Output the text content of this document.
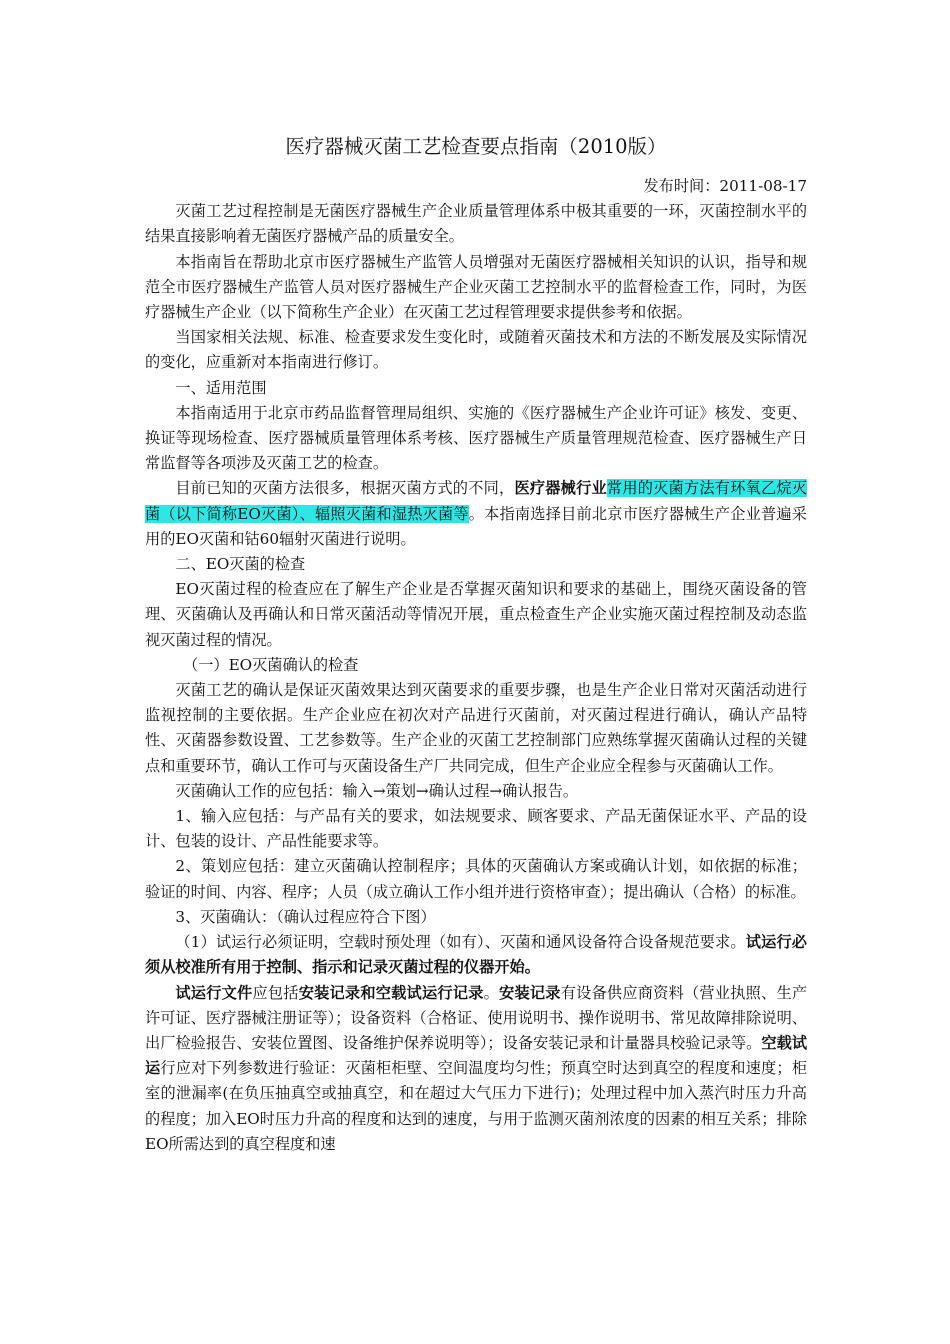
医疗器械灭菌工艺检查要点指南（2010版）
发布时间：2011-08-17

灭菌工艺过程控制是无菌医疗器械生产企业质量管理体系中极其重要的一环，灭菌控制水平的结果直接影响着无菌医疗器械产品的质量安全。

本指南旨在帮助北京市医疗器械生产监管人员增强对无菌医疗器械相关知识的认识，指导和规范全市医疗器械生产监管人员对医疗器械生产企业灭菌工艺控制水平的监督检查工作，同时，为医疗器械生产企业（以下简称生产企业）在灭菌工艺过程管理要求提供参考和依据。

当国家相关法规、标准、检查要求发生变化时，或随着灭菌技术和方法的不断发展及实际情况的变化，应重新对本指南进行修订。

一、适用范围

本指南适用于北京市药品监督管理局组织、实施的《医疗器械生产企业许可证》核发、变更、换证等现场检查、医疗器械质量管理体系考核、医疗器械生产质量管理规范检查、医疗器械生产日常监督等各项涉及灭菌工艺的检查。

目前已知的灭菌方法很多，根据灭菌方式的不同，医疗器械行业常用的灭菌方法有环氧乙烷灭菌（以下简称EO灭菌）、辐照灭菌和湿热灭菌等。本指南选择目前北京市医疗器械生产企业普遍采用的EO灭菌和钴60辐射灭菌进行说明。

二、EO灭菌的检查

EO灭菌过程的检查应在了解生产企业是否掌握灭菌知识和要求的基础上，围绕灭菌设备的管理、灭菌确认及再确认和日常灭菌活动等情况开展，重点检查生产企业实施灭菌过程控制及动态监视灭菌过程的情况。

（一）EO灭菌确认的检查

灭菌工艺的确认是保证灭菌效果达到灭菌要求的重要步骤，也是生产企业日常对灭菌活动进行监视控制的主要依据。生产企业应在初次对产品进行灭菌前，对灭菌过程进行确认，确认产品特性、灭菌器参数设置、工艺参数等。生产企业的灭菌工艺控制部门应熟练掌握灭菌确认过程的关键点和重要环节，确认工作可与灭菌设备生产厂共同完成，但生产企业应全程参与灭菌确认工作。

灭菌确认工作的应包括：输入→策划→确认过程→确认报告。

1、输入应包括：与产品有关的要求，如法规要求、顾客要求、产品无菌保证水平、产品的设计、包装的设计、产品性能要求等。

2、策划应包括：建立灭菌确认控制程序；具体的灭菌确认方案或确认计划，如依据的标准；验证的时间、内容、程序；人员（成立确认工作小组并进行资格审查）；提出确认（合格）的标准。

3、灭菌确认：（确认过程应符合下图）

（1）试运行必须证明，空载时预处理（如有）、灭菌和通风设备符合设备规范要求。试运行必须从校准所有用于控制、指示和记录灭菌过程的仪器开始。

试运行文件应包括安装记录和空载试运行记录。安装记录有设备供应商资料（营业执照、生产许可证、医疗器械注册证等）；设备资料（合格证、使用说明书、操作说明书、常见故障排除说明、出厂检验报告、安装位置图、设备维护保养说明等）；设备安装记录和计量器具校验记录等。空载试运行应对下列参数进行验证：灭菌柜柜壁、空间温度均匀性；预真空时达到真空的程度和速度；柜室的泄漏率(在负压抽真空或抽真空，和在超过大气压力下进行)；处理过程中加入蒸汽时压力升高的程度；加入EO时压力升高的程度和达到的速度，与用于监测灭菌剂浓度的因素的相互关系；排除EO所需达到的真空程度和速
